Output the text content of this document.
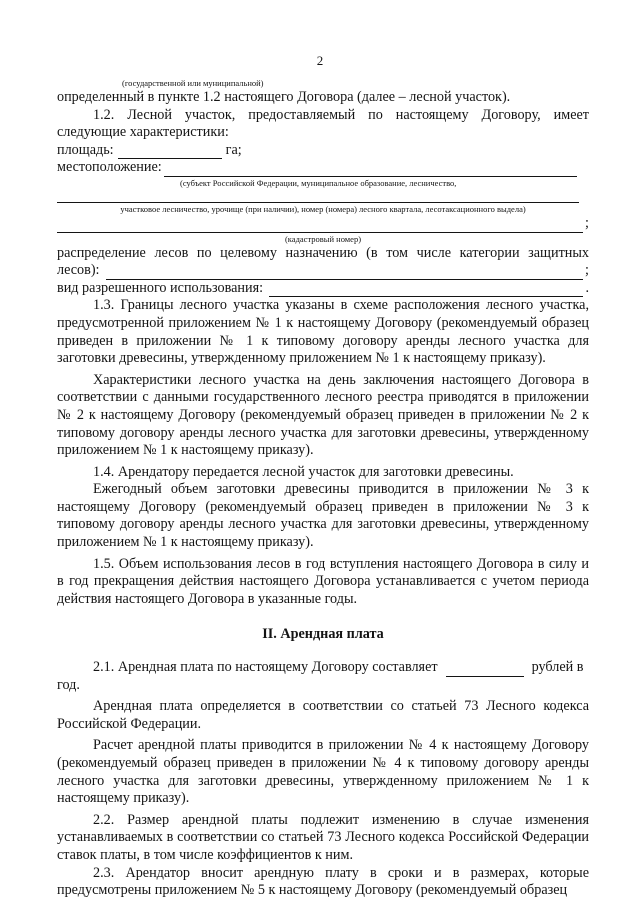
2
(государственной или муниципальной)

определенный в пункте 1.2 настоящего Договора (далее – лесной участок).

1.2. Лесной участок, предоставляемый по настоящему Договору, имеет следующие характеристики:

площадь:	га;
местоположение:
(субъект Российской Федерации, муниципальное образование, лесничество,
участковое лесничество, урочище (при наличии), номер (номера) лесного квартала, лесотаксационного выдела)
;
(кадастровый номер)

распределение лесов по целевому назначению (в том числе категории защитных

лесов):	;
вид разрешенного использования:	.

1.3. Границы лесного участка указаны в схеме расположения лесного участка, предусмотренной приложением № 1 к настоящему Договору (рекомендуемый образец приведен в приложении № 1 к типовому договору аренды лесного участка для заготовки древесины, утвержденному приложением № 1 к настоящему приказу).

Характеристики лесного участка на день заключения настоящего Договора в соответствии с данными государственного лесного реестра приводятся в приложении № 2 к настоящему Договору (рекомендуемый образец приведен в приложении № 2 к типовому договору аренды лесного участка для заготовки древесины, утвержденному приложением № 1 к настоящему приказу).

1.4. Арендатору передается лесной участок для заготовки древесины.

Ежегодный объем заготовки древесины приводится в приложении № 3 к настоящему Договору (рекомендуемый образец приведен в приложении № 3 к типовому договору аренды лесного участка для заготовки древесины, утвержденному приложением № 1 к настоящему приказу).

1.5. Объем использования лесов в год вступления настоящего Договора в силу и в год прекращения действия настоящего Договора устанавливается с учетом периода действия настоящего Договора в указанные годы.

II. Арендная плата
2.1. Арендная плата по настоящему Договору составляет	рублей в

год.

Арендная плата определяется в соответствии со статьей 73 Лесного кодекса Российской Федерации.

Расчет арендной платы приводится в приложении № 4 к настоящему Договору (рекомендуемый образец приведен в приложении № 4 к типовому договору аренды лесного участка для заготовки древесины, утвержденному приложением № 1 к настоящему приказу).

2.2. Размер арендной платы подлежит изменению в случае изменения устанавливаемых в соответствии со статьей 73 Лесного кодекса Российской Федерации ставок платы, в том числе коэффициентов к ним.

2.3. Арендатор вносит арендную плату в сроки и в размерах, которые предусмотрены приложением № 5 к настоящему Договору (рекомендуемый образец
